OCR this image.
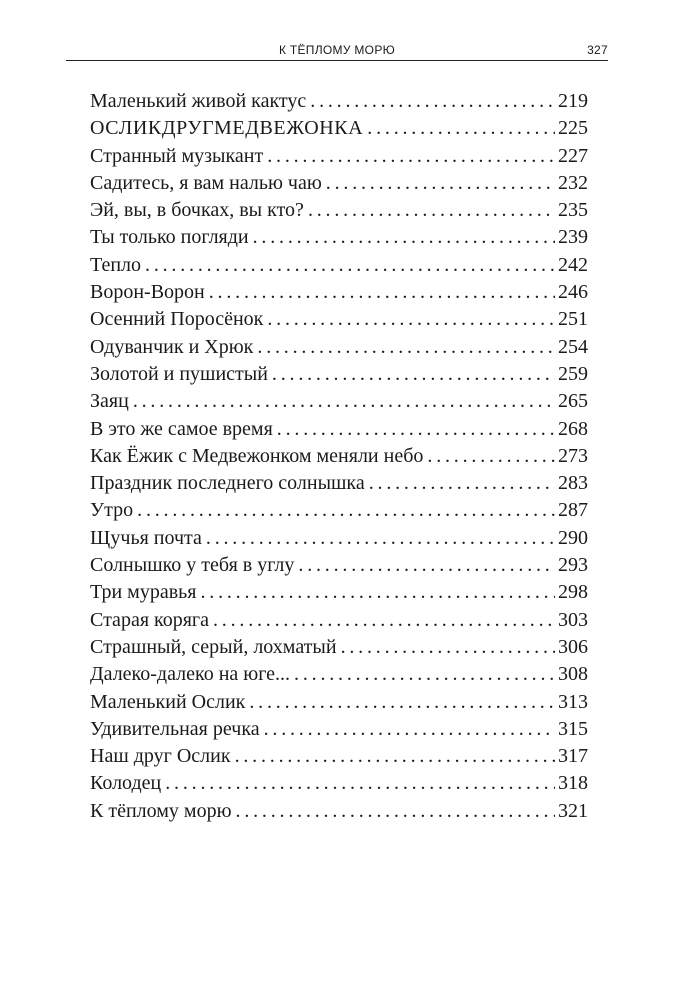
К ТЁПЛОМУ МОРЮ	327
Маленький живой кактус . . .	219
ОСЛИКДРУГМЕДВЕЖОНКА . . .	225
Странный музыкант . . .	227
Садитесь, я вам налью чаю . . .	232
Эй, вы, в бочках, вы кто? . . .	235
Ты только погляди . . .	239
Тепло . . .	242
Ворон-Ворон . . .	246
Осенний Поросёнок . . .	251
Одуванчик и Хрюк . . .	254
Золотой и пушистый . . .	259
Заяц . . .	265
В это же самое время . . .	268
Как Ёжик с Медвежонком меняли небо . . .	273
Праздник последнего солнышка . . .	283
Утро . . .	287
Щучья почта . . .	290
Солнышко у тебя в углу . . .	293
Три муравья . . .	298
Старая коряга . . .	303
Страшный, серый, лохматый . . .	306
Далеко-далеко на юге... . . .	308
Маленький Ослик . . .	313
Удивительная речка . . .	315
Наш друг Ослик . . .	317
Колодец . . .	318
К тёплому морю . . .	321
